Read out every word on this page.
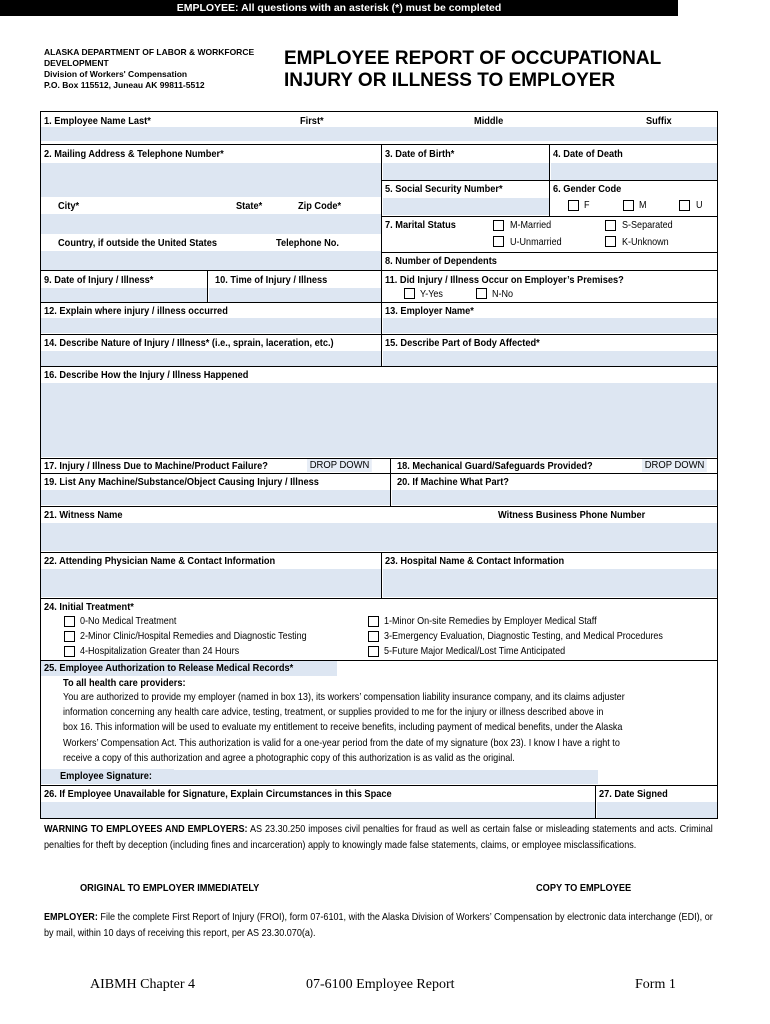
ALASKA DEPARTMENT OF LABOR & WORKFORCE
DEVELOPMENT
Division of Workers' Compensation
P.O. Box 115512, Juneau AK 99811-5512
EMPLOYEE REPORT OF OCCUPATIONAL
INJURY OR ILLNESS TO EMPLOYER
EMPLOYEE: All questions with an asterisk (*) must be completed
1. Employee Name Last*	First*	Middle	Suffix
2. Mailing Address & Telephone Number*
City*	State*	Zip Code*
Country, if outside the United States	Telephone No.
3. Date of Birth*	4. Date of Death
5. Social Security Number*	6. Gender Code
F	M	U
7. Marital Status	M-Married	S-Separated
U-Unmarried	K-Unknown
8. Number of Dependents
9. Date of Injury / Illness*	10. Time of Injury / Illness	11. Did Injury / Illness Occur on Employer’s Premises?
Y-Yes	N-No
12. Explain where injury / illness occurred	13. Employer Name*
14. Describe Nature of Injury / Illness* (i.e., sprain, laceration, etc.)	15. Describe Part of Body Affected*
16. Describe How the Injury / Illness Happened
17. Injury / Illness Due to Machine/Product Failure?	DROP DOWN	18. Mechanical Guard/Safeguards Provided?	DROP DOWN
19. List Any Machine/Substance/Object Causing Injury / Illness	20. If Machine What Part?
21. Witness Name	Witness Business Phone Number
22. Attending Physician Name & Contact Information	23. Hospital Name & Contact Information
24. Initial Treatment*
0-No Medical Treatment	1-Minor On-site Remedies by Employer Medical Staff
2-Minor Clinic/Hospital Remedies and Diagnostic Testing	3-Emergency Evaluation, Diagnostic Testing, and Medical Procedures
4-Hospitalization Greater than 24 Hours	5-Future Major Medical/Lost Time Anticipated
25. Employee Authorization to Release Medical Records*
To all health care providers:
You are authorized to provide my employer (named in box 13), its workers’ compensation liability insurance company, and its claims adjuster
information concerning any health care advice, testing, treatment, or supplies provided to me for the injury or illness described above in
box 16. This information will be used to evaluate my entitlement to receive benefits, including payment of medical benefits, under the Alaska
Workers’ Compensation Act. This authorization is valid for a one-year period from the date of my signature (box 23). I know I have a right to
receive a copy of this authorization and agree a photographic copy of this authorization is as valid as the original.
Employee Signature:
26. If Employee Unavailable for Signature, Explain Circumstances in this Space	27. Date Signed
WARNING TO EMPLOYEES AND EMPLOYERS: AS 23.30.250 imposes civil penalties for fraud as well as certain false or misleading statements and acts. Criminal penalties for theft by deception (including fines and incarceration) apply to knowingly made false statements, claims, or employee misclassifications.
ORIGINAL TO EMPLOYER IMMEDIATELY	COPY TO EMPLOYEE
EMPLOYER: File the complete First Report of Injury (FROI), form 07-6101, with the Alaska Division of Workers’ Compensation by electronic data interchange (EDI), or by mail, within 10 days of receiving this report, per AS 23.30.070(a).
AIBMH Chapter 4	07-6100 Employee Report	Form 1
